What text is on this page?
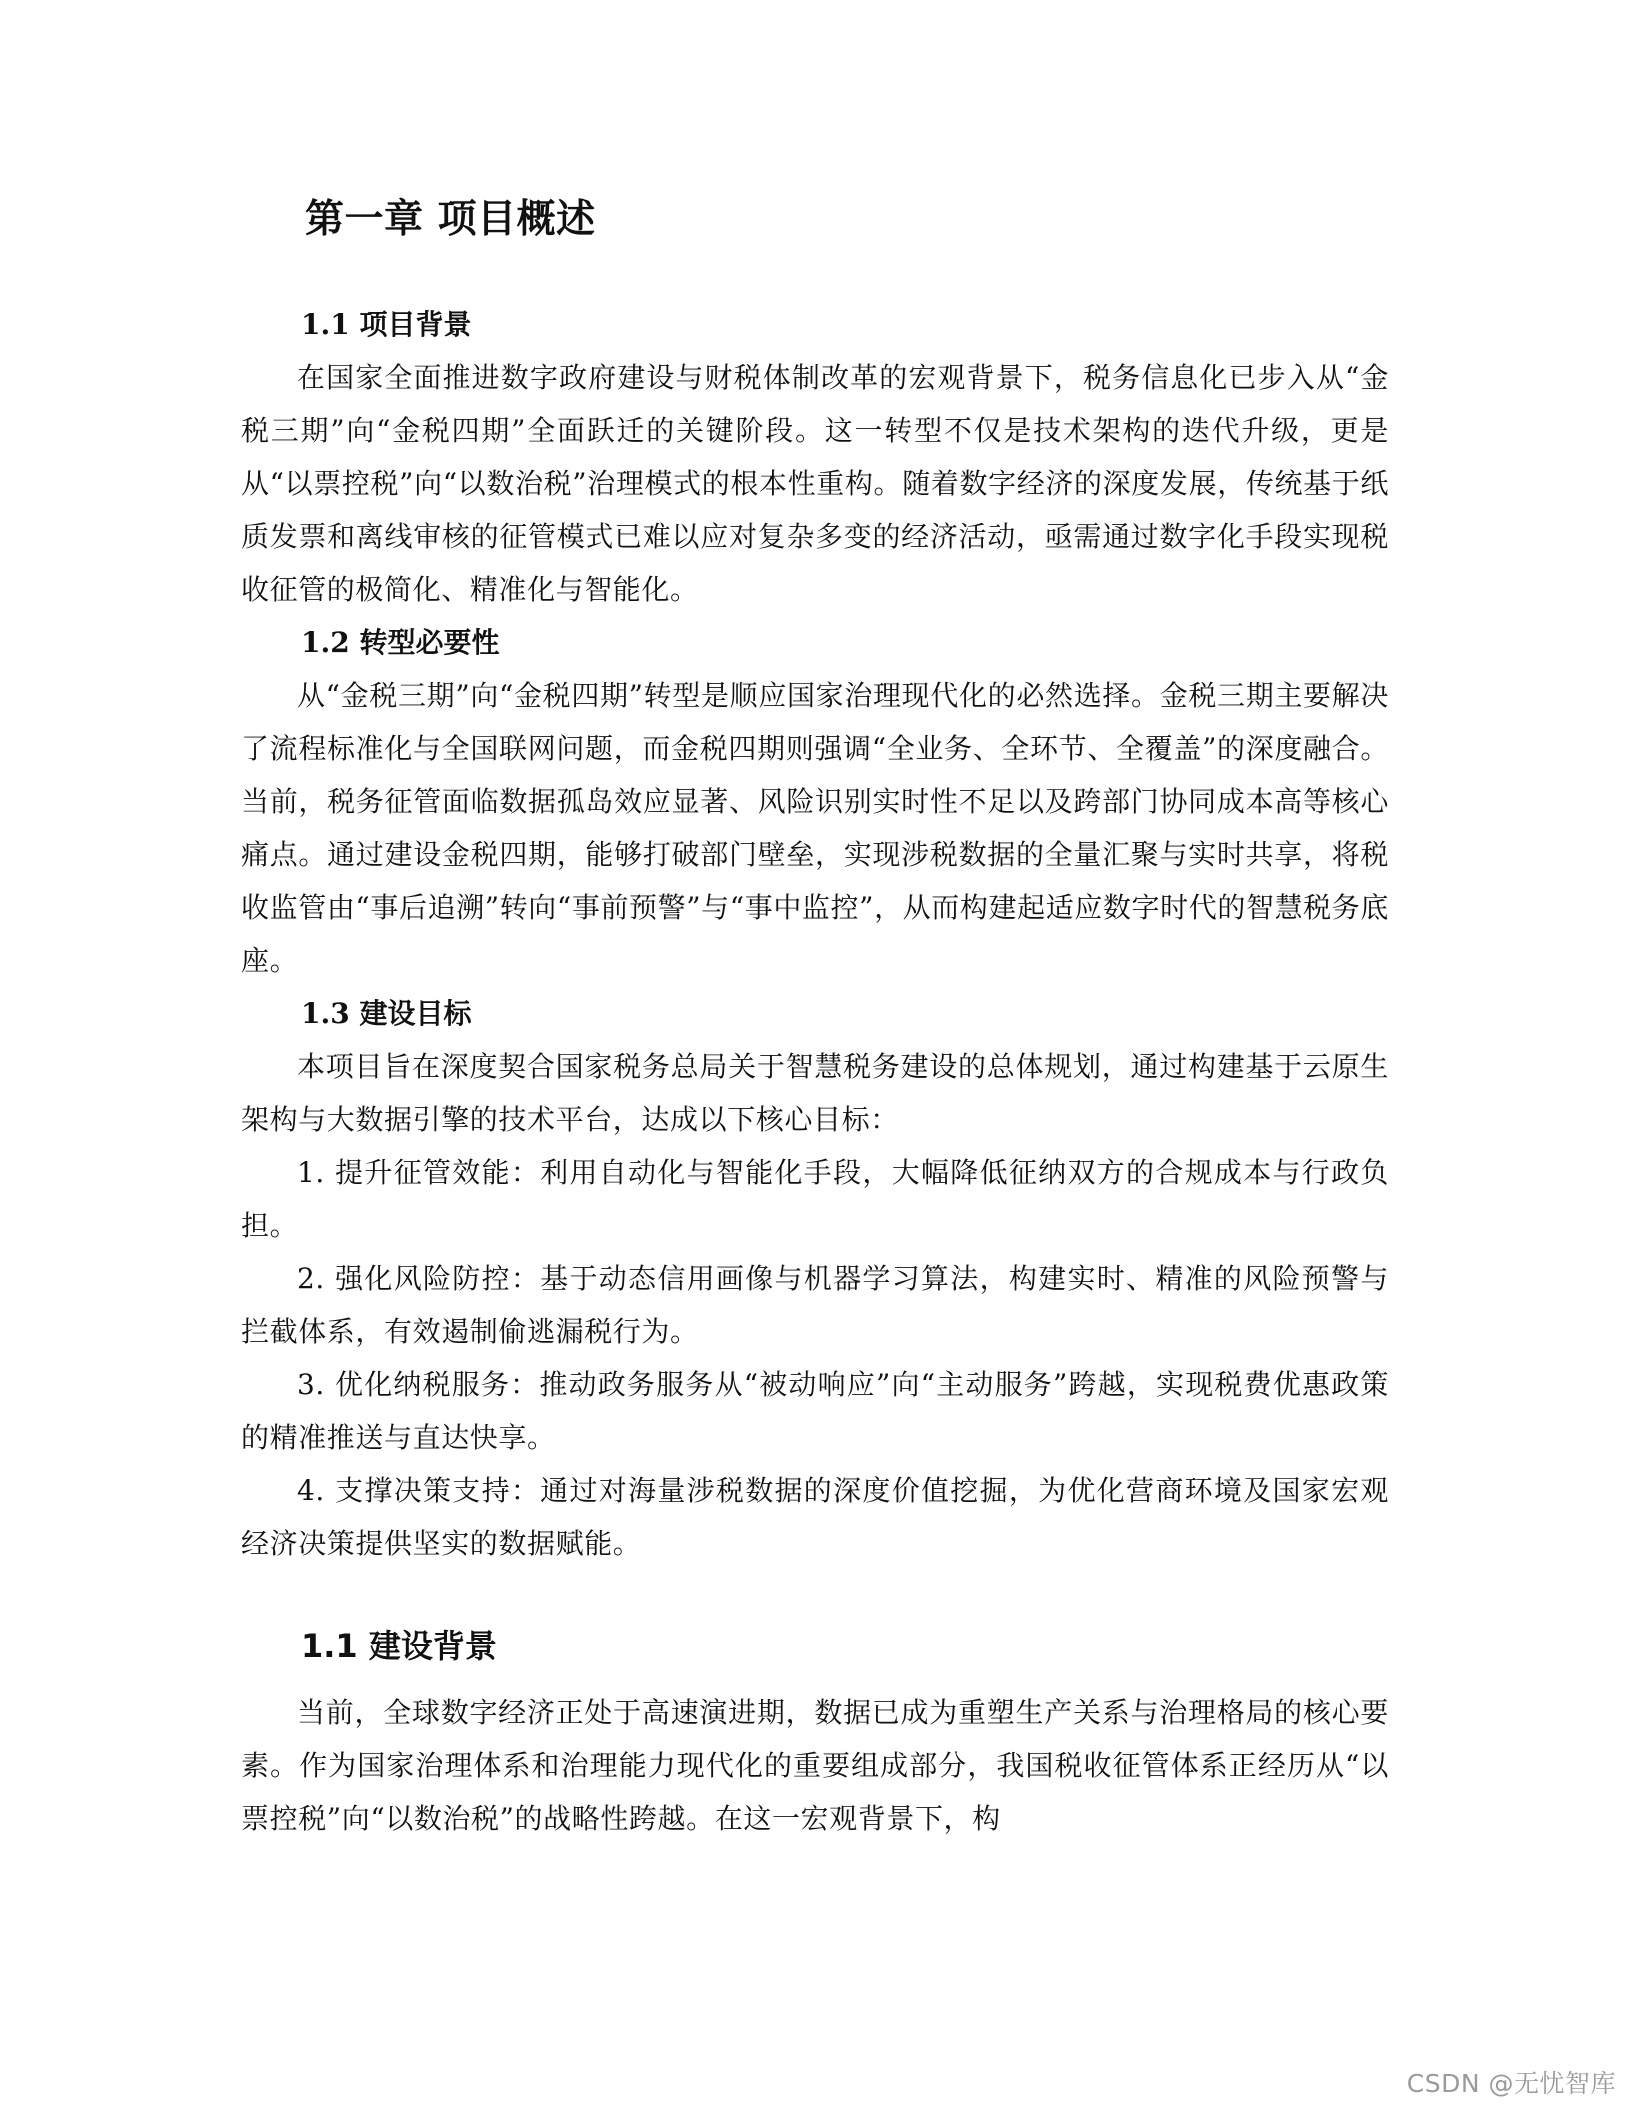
第一章 项目概述
1.1 项目背景

在国家全面推进数字政府建设与财税体制改革的宏观背景下，税务信息化已步入从“金税三期”向“金税四期”全面跃迁的关键阶段。这一转型不仅是技术架构的迭代升级，更是从“以票控税”向“以数治税”治理模式的根本性重构。随着数字经济的深度发展，传统基于纸质发票和离线审核的征管模式已难以应对复杂多变的经济活动，亟需通过数字化手段实现税收征管的极简化、精准化与智能化。

1.2 转型必要性

从“金税三期”向“金税四期”转型是顺应国家治理现代化的必然选择。金税三期主要解决了流程标准化与全国联网问题，而金税四期则强调“全业务、全环节、全覆盖”的深度融合。当前，税务征管面临数据孤岛效应显著、风险识别实时性不足以及跨部门协同成本高等核心痛点。通过建设金税四期，能够打破部门壁垒，实现涉税数据的全量汇聚与实时共享，将税收监管由“事后追溯”转向“事前预警”与“事中监控”，从而构建起适应数字时代的智慧税务底座。

1.3 建设目标

本项目旨在深度契合国家税务总局关于智慧税务建设的总体规划，通过构建基于云原生架构与大数据引擎的技术平台，达成以下核心目标：

1. 提升征管效能：利用自动化与智能化手段，大幅降低征纳双方的合规成本与行政负担。

2. 强化风险防控：基于动态信用画像与机器学习算法，构建实时、精准的风险预警与拦截体系，有效遏制偷逃漏税行为。

3. 优化纳税服务：推动政务服务从“被动响应”向“主动服务”跨越，实现税费优惠政策的精准推送与直达快享。

4. 支撑决策支持：通过对海量涉税数据的深度价值挖掘，为优化营商环境及国家宏观经济决策提供坚实的数据赋能。

1.1 建设背景

当前，全球数字经济正处于高速演进期，数据已成为重塑生产关系与治理格局的核心要素。作为国家治理体系和治理能力现代化的重要组成部分，我国税收征管体系正经历从“以票控税”向“以数治税”的战略性跨越。在这一宏观背景下，构

CSDN @无忧智库
